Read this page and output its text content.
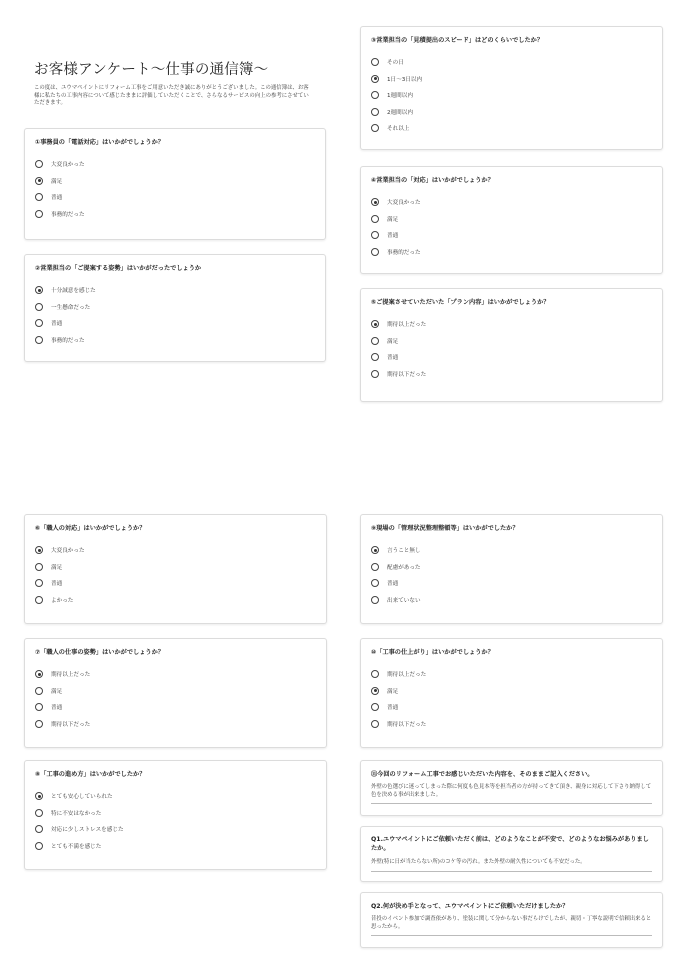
お客様アンケート〜仕事の通信簿〜
この度は、ユウマペイントにリフォーム工事をご用意いただき誠にありがとうございました。この通信簿は、お客様に私たちの工事内容について感じたままに評価していただくことで、さらなるサービスの向上の参考にさせていただきます。
①事務員の「電話対応」はいかがでしょうか？
大変良かった
満足
普通
事務的だった
②営業担当の「ご提案する姿勢」はいかがだったでしょうか
十分誠意を感じた
一生懸命だった
普通
事務的だった
③営業担当の「見積提出のスピード」はどのくらいでしたか？
その日
1日〜3日以内
1週間以内
2週間以内
それ以上
④営業担当の「対応」はいかがでしょうか？
大変良かった
満足
普通
事務的だった
⑤ご提案させていただいた「プラン内容」はいかがでしょうか？
期待以上だった
満足
普通
期待以下だった
⑥「職人の対応」はいかがでしょうか？
大変良かった
満足
普通
よかった
⑦「職人の仕事の姿勢」はいかがでしょうか？
期待以上だった
満足
普通
期待以下だった
⑧「工事の進め方」はいかがでしたか？
とても安心していられた
特に不安はなかった
対応に少しストレスを感じた
とても不満を感じた
⑨現場の「管理状況整理整頓等」はいかがでしたか？
言うこと無し
配慮があった
普通
出来ていない
⑩「工事の仕上がり」はいかがでしょうか？
期待以上だった
満足
普通
期待以下だった
⑪今回のリフォーム工事でお感じいただいた内容を、そのままご記入ください。
外壁の色選びに迷ってしまった際に何度も色見本等を担当者の方が持ってきて頂き、親身に対応して下さり納得して色を決める事が出来ました。
Q1.ユウマペイントにご依頼いただく前は、どのようなことが不安で、どのようなお悩みがありましたか。
外壁(特に日が当たらない所)のコケ等の汚れ。また外壁の耐久性についても不安だった。
Q2.何が決め手となって、ユウマペイントにご依頼いただけましたか？
昔投のイベント参加で調査依があり、塗装に関して分からない事だらけでしたが、親切・丁寧な説明で信頼出来ると思ったから。
